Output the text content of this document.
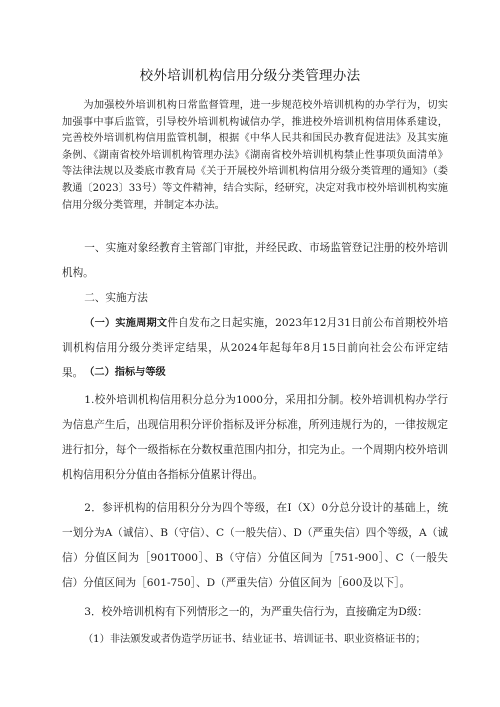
校外培训机构信用分级分类管理办法
为加强校外培训机构日常监督管理，进一步规范校外培训机构的办学行为，切实加强事中事后监管，引导校外培训机构诚信办学，推进校外培训机构信用体系建设，完善校外培训机构信用监管机制，根据《中华人民共和国民办教育促进法》及其实施条例、《湖南省校外培训机构管理办法》《湖南省校外培训机构禁止性事项负面清单》等法律法规以及娄底市教育局《关于开展校外培训机构信用分级分类管理的通知》（娄教通〔2023〕33号）等文件精神，结合实际，经研究，决定对我市校外培训机构实施信用分级分类管理，并制定本办法。
一、实施对象经教育主管部门审批，并经民政、市场监管登记注册的校外培训机构。
二、实施方法
（一）实施周期文件自发布之日起实施，2023年12月31日前公布首期校外培训机构信用分级分类评定结果，从2024年起每年8月15日前向社会公布评定结果。 （二）指标与等级
1.校外培训机构信用积分总分为1000分，采用扣分制。校外培训机构办学行为信息产生后，出现信用积分评价指标及评分标准，所列违规行为的，一律按规定进行扣分，每个一级指标在分数权重范围内扣分，扣完为止。一个周期内校外培训机构信用积分分值由各指标分值累计得出。
2．参评机构的信用积分分为四个等级，在I（X）0分总分设计的基础上，统一划分为A（诚信）、B（守信）、C（一般失信）、D（严重失信）四个等级，A（诚信）分值区间为［901T000］、B（守信）分值区间为［751-900］、C（一般失信）分值区间为［601-750］、D（严重失信）分值区间为［600及以下］。
3．校外培训机构有下列情形之一的，为严重失信行为，直接确定为D级：
（1）非法颁发或者伪造学历证书、结业证书、培训证书、职业资格证书的；
